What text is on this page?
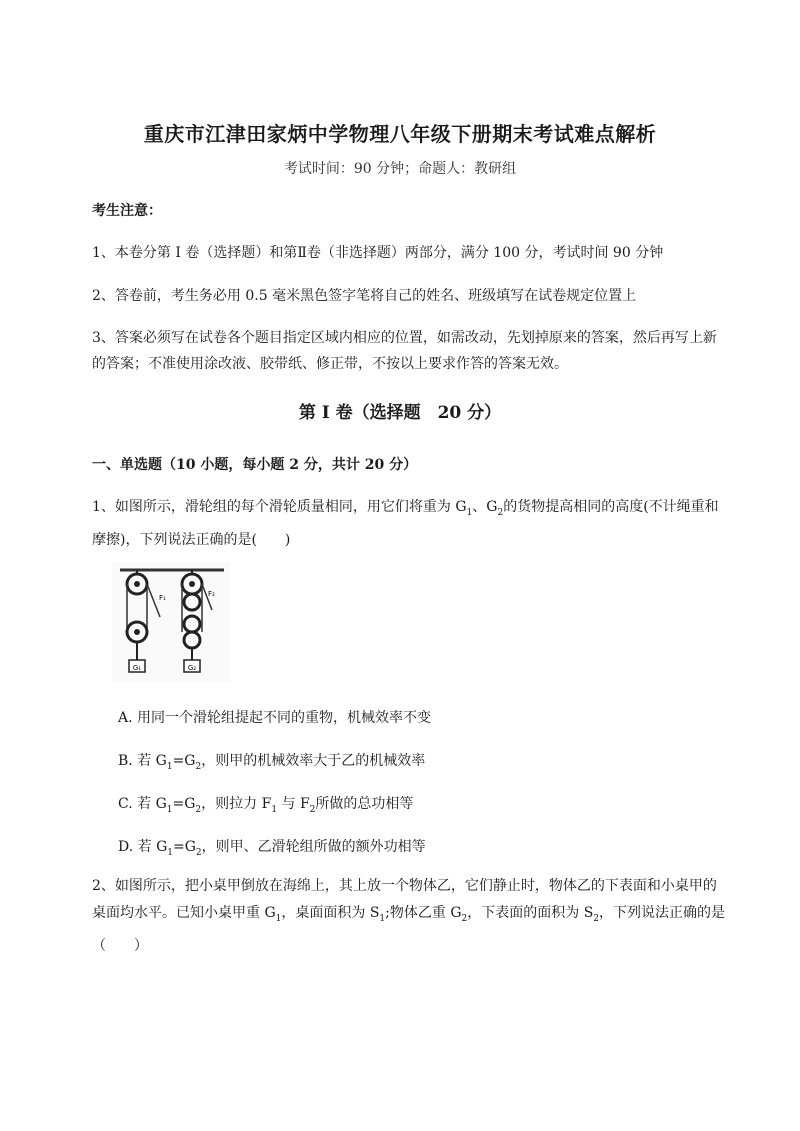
重庆市江津田家炳中学物理八年级下册期末考试难点解析
考试时间：90 分钟；命题人：教研组
考生注意：
1、本卷分第 I 卷（选择题）和第Ⅱ卷（非选择题）两部分，满分 100 分，考试时间 90 分钟
2、答卷前，考生务必用 0.5 毫米黑色签字笔将自己的姓名、班级填写在试卷规定位置上
3、答案必须写在试卷各个题目指定区域内相应的位置，如需改动，先划掉原来的答案，然后再写上新
的答案；不准使用涂改液、胶带纸、修正带，不按以上要求作答的答案无效。
第 I 卷（选择题　20 分）
一、单选题（10 小题，每小题 2 分，共计 20 分）
1、如图所示，滑轮组的每个滑轮质量相同，用它们将重为 $G_1$、$G_2$的货物提高相同的高度(不计绳重和
摩擦)，下列说法正确的是(　　)
G₁
F₁
G₂
F₂
A. 用同一个滑轮组提起不同的重物，机械效率不变
B. 若 $G_1=G_2$，则甲的机械效率大于乙的机械效率
C. 若 $G_1=G_2$，则拉力 $F_1$ 与 $F_2$所做的总功相等
D. 若 $G_1=G_2$，则甲、乙滑轮组所做的额外功相等
2、如图所示，把小桌甲倒放在海绵上，其上放一个物体乙，它们静止时，物体乙的下表面和小桌甲的
桌面均水平。已知小桌甲重 $G_1$，桌面面积为 $S_1$;物体乙重 $G_2$，下表面的面积为 $S_2$，下列说法正确的是
（　　）
